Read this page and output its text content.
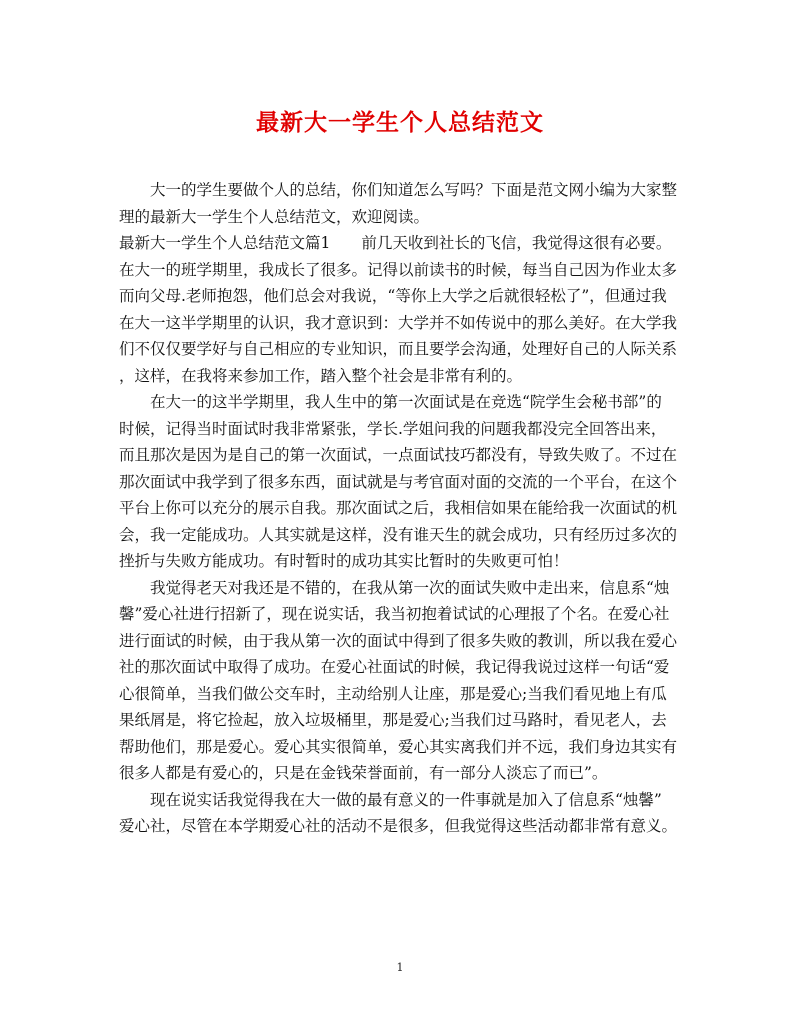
最新大一学生个人总结范文
大一的学生要做个人的总结，你们知道怎么写吗？下面是范文网小编为大家整
理的最新大一学生个人总结范文，欢迎阅读。
最新大一学生个人总结范文篇1　　前几天收到社长的飞信，我觉得这很有必要。
在大一的班学期里，我成长了很多。记得以前读书的时候，每当自己因为作业太多
而向父母.老师抱怨，他们总会对我说，“等你上大学之后就很轻松了”，但通过我
在大一这半学期里的认识，我才意识到：大学并不如传说中的那么美好。在大学我
们不仅仅要学好与自己相应的专业知识，而且要学会沟通，处理好自己的人际关系
，这样，在我将来参加工作，踏入整个社会是非常有利的。
在大一的这半学期里，我人生中的第一次面试是在竞选“院学生会秘书部”的
时候，记得当时面试时我非常紧张，学长.学姐问我的问题我都没完全回答出来，
而且那次是因为是自己的第一次面试，一点面试技巧都没有，导致失败了。不过在
那次面试中我学到了很多东西，面试就是与考官面对面的交流的一个平台，在这个
平台上你可以充分的展示自我。那次面试之后，我相信如果在能给我一次面试的机
会，我一定能成功。人其实就是这样，没有谁天生的就会成功，只有经历过多次的
挫折与失败方能成功。有时暂时的成功其实比暂时的失败更可怕！
我觉得老天对我还是不错的，在我从第一次的面试失败中走出来，信息系“烛
馨”爱心社进行招新了，现在说实话，我当初抱着试试的心理报了个名。在爱心社
进行面试的时候，由于我从第一次的面试中得到了很多失败的教训，所以我在爱心
社的那次面试中取得了成功。在爱心社面试的时候，我记得我说过这样一句话“爱
心很简单，当我们做公交车时，主动给别人让座，那是爱心;当我们看见地上有瓜
果纸屑是，将它捡起，放入垃圾桶里，那是爱心;当我们过马路时，看见老人，去
帮助他们，那是爱心。爱心其实很简单，爱心其实离我们并不远，我们身边其实有
很多人都是有爱心的，只是在金钱荣誉面前，有一部分人淡忘了而已”。
现在说实话我觉得我在大一做的最有意义的一件事就是加入了信息系“烛馨”
爱心社，尽管在本学期爱心社的活动不是很多，但我觉得这些活动都非常有意义。
1
